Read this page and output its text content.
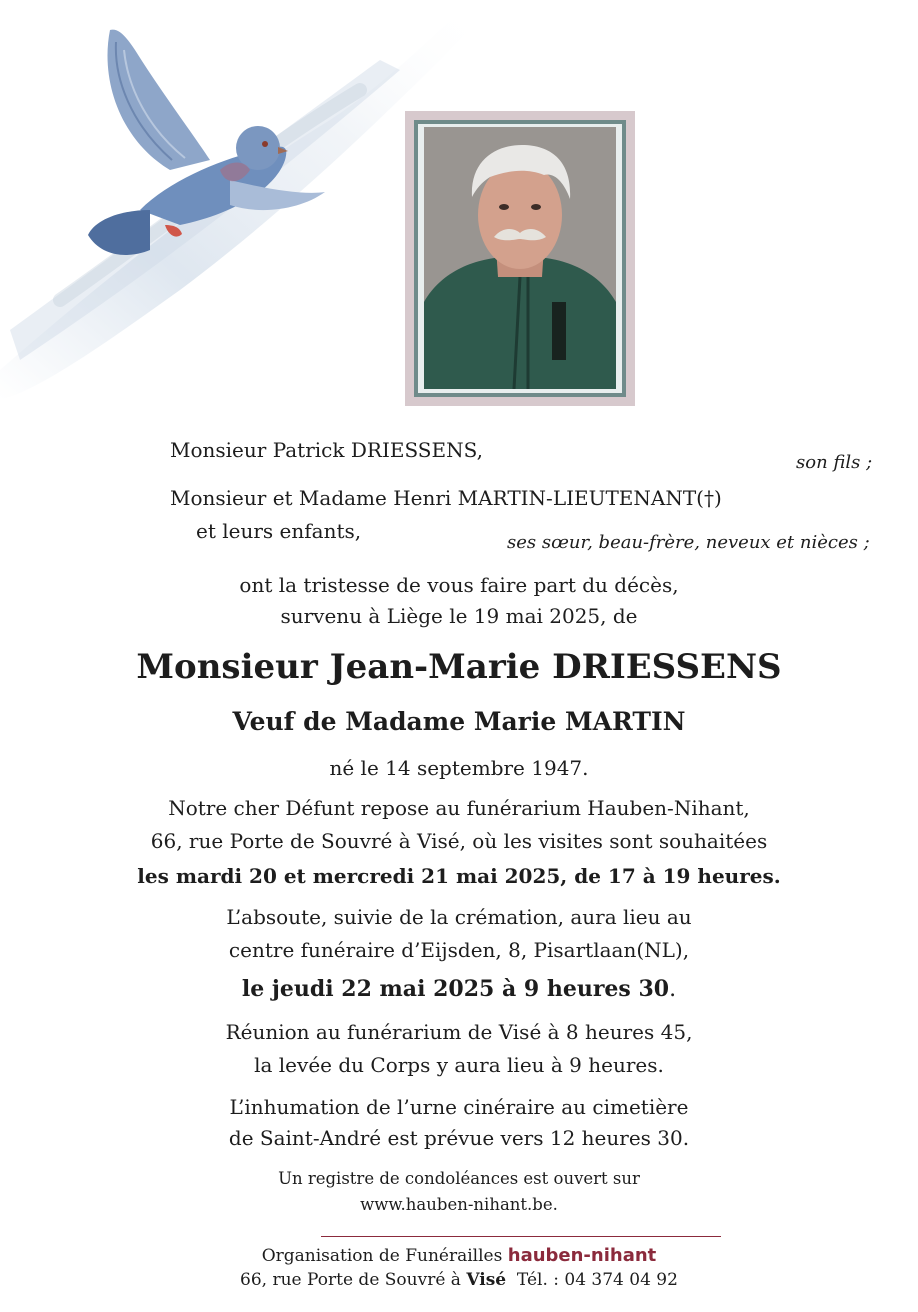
Monsieur Patrick DRIESSENS,
son fils ;
Monsieur et Madame Henri MARTIN-LIEUTENANT(†)
et leurs enfants,	ses sœur, beau-frère, neveux et nièces ;
ont la tristesse de vous faire part du décès,
survenu à Liège le 19 mai 2025, de
Monsieur Jean-Marie DRIESSENS
Veuf de Madame Marie MARTIN
né le 14 septembre 1947.
Notre cher Défunt repose au funérarium Hauben-Nihant,
66, rue Porte de Souvré à Visé, où les visites sont souhaitées
les mardi 20 et mercredi 21 mai 2025, de 17 à 19 heures.
L’absoute, suivie de la crémation, aura lieu au
centre funéraire d’Eijsden, 8, Pisartlaan(NL),
le jeudi 22 mai 2025 à 9 heures 30.
Réunion au funérarium de Visé à 8 heures 45,
la levée du Corps y aura lieu à 9 heures.
L’inhumation de l’urne cinéraire au cimetière
de Saint-André est prévue vers 12 heures 30.
Un registre de condoléances est ouvert sur
www.hauben-nihant.be.
Organisation de Funérailles hauben-nihant
66, rue Porte de Souvré à Visé Tél. : 04 374 04 92
